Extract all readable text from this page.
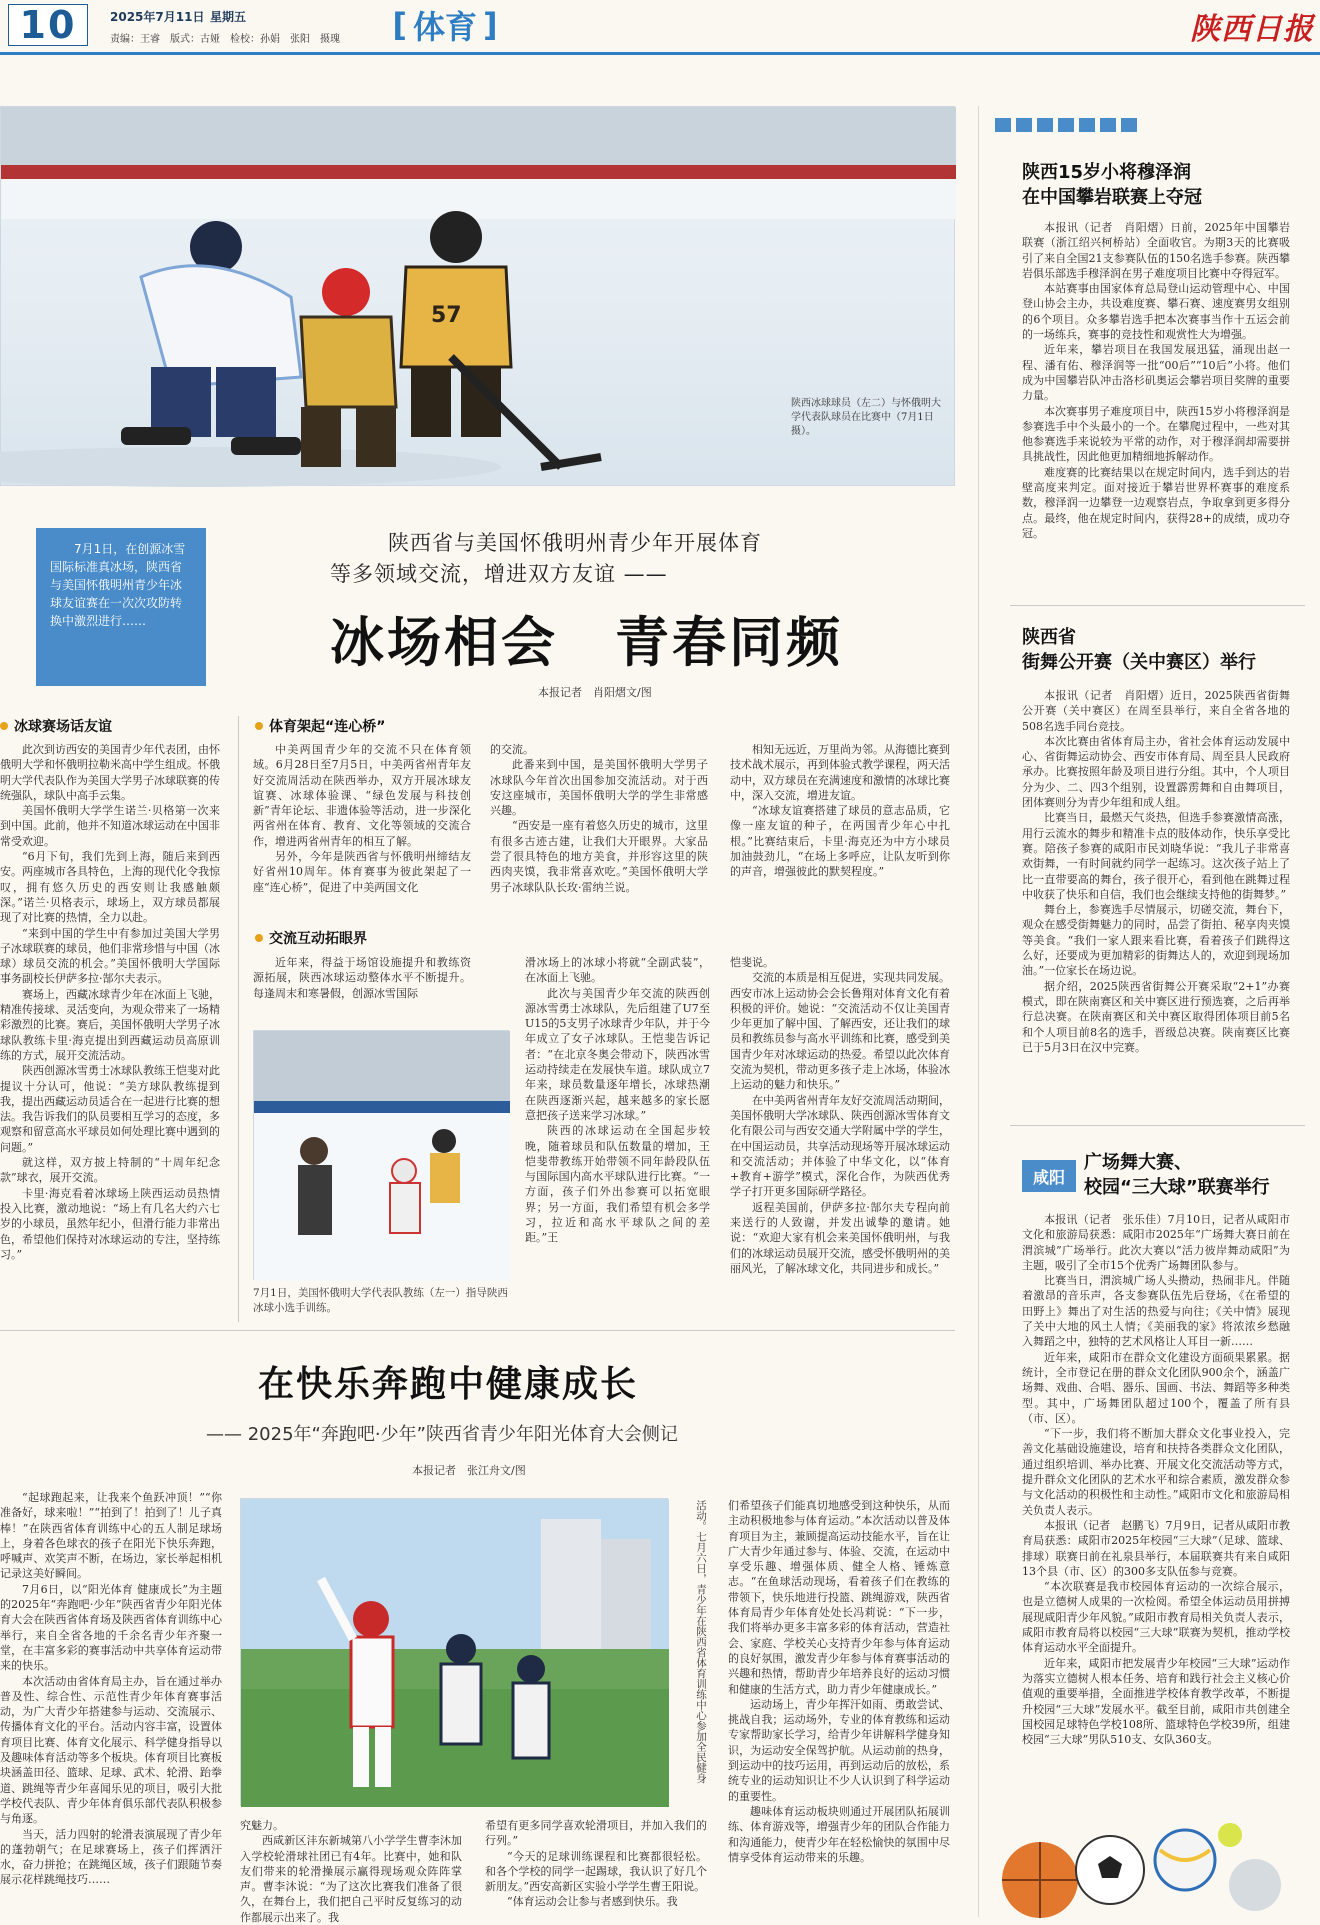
10	2025年7月11日 星期五
责编：王睿　版式：古娅　检校：孙娟　张阳　摄瑰 [ 体育 ]	陕西日报
57
陕西冰球球员（左二）与怀俄明大学代表队球员在比赛中（7月1日摄）。
7月1日，在创源冰雪国际标准真冰场，陕西省与美国怀俄明州青少年冰球友谊赛在一次次攻防转换中激烈进行……
陕西省与美国怀俄明州青少年开展体育
等多领域交流，增进双方友谊 ——
冰场相会　青春同频
本报记者　肖阳熠文/图
冰球赛场话友谊	体育架起“连心桥”
交流互动拓眼界

此次到访西安的美国青少年代表团，由怀俄明大学和怀俄明拉勒米高中学生组成。怀俄明大学代表队作为美国大学男子冰球联赛的传统强队，球队中高手云集。

美国怀俄明大学学生诺兰·贝格第一次来到中国。此前，他并不知道冰球运动在中国非常受欢迎。

“6月下旬，我们先到上海，随后来到西安。两座城市各具特色，上海的现代化令我惊叹，拥有悠久历史的西安则让我感触颇深。”诺兰·贝格表示，球场上，双方球员都展现了对比赛的热情，全力以赴。

“来到中国的学生中有参加过美国大学男子冰球联赛的球员，他们非常珍惜与中国（冰球）球员交流的机会。”美国怀俄明大学国际事务副校长伊萨多拉·郜尔夫表示。

赛场上，西藏冰球青少年在冰面上飞驰，精准传接球、灵活变向，为观众带来了一场精彩激烈的比赛。赛后，美国怀俄明大学男子冰球队教练卡里·海克提出到西藏运动员高原训练的方式，展开交流活动。

陕西创源冰雪勇士冰球队教练王恺斐对此提议十分认可，他说：“美方球队教练提到我，提出西藏运动员适合在一起进行比赛的想法。我告诉我们的队员要相互学习的态度，多观察和留意高水平球员如何处理比赛中遇到的问题。”

就这样，双方披上特制的“十周年纪念款”球衣，展开交流。

卡里·海克看着冰球场上陕西运动员热情投入比赛，激动地说：“场上有几名大约六七岁的小球员，虽然年纪小，但滑行能力非常出色，希望他们保持对冰球运动的专注，坚持练习。”

中美两国青少年的交流不只在体育领域。6月28日至7月5日，中美两省州青年友好交流周活动在陕西举办，双方开展冰球友谊赛、冰球体验课、“绿色发展与科技创新”青年论坛、非遗体验等活动，进一步深化两省州在体育、教育、文化等领域的交流合作，增进两省州青年的相互了解。

另外，今年是陕西省与怀俄明州缔结友好省州10周年。体育赛事为彼此架起了一座“连心桥”，促进了中美两国文化

的交流。

此番来到中国，是美国怀俄明大学男子冰球队今年首次出国参加交流活动。对于西安这座城市，美国怀俄明大学的学生非常感兴趣。

“西安是一座有着悠久历史的城市，这里有很多古迹古建，让我们大开眼界。大家品尝了很具特色的地方美食，并形容这里的陕西肉夹馍，我非常喜欢吃。”美国怀俄明大学男子冰球队队长玫·雷纳兰说。

相知无远近，万里尚为邻。从海德比赛到技术战术展示，再到体验式教学课程，两天活动中，双方球员在充满速度和激情的冰球比赛中，深入交流，增进友谊。

“冰球友谊赛搭建了球员的意志品质，它像一座友谊的种子，在两国青少年心中扎根。”比赛结束后，卡里·海克还为中方小球员加油鼓劲儿，“在场上多呼应，让队友听到你的声音，增强彼此的默契程度。”

近年来，得益于场馆设施提升和教练资源拓展，陕西冰球运动整体水平不断提升。每逢周末和寒暑假，创源冰雪国际

滑冰场上的冰球小将就“全副武装”，在冰面上飞驰。

此次与美国青少年交流的陕西创源冰雪勇士冰球队，先后组建了U7至U15的5支男子冰球青少年队，并于今年成立了女子冰球队。王恺斐告诉记者：“在北京冬奥会带动下，陕西冰雪运动持续走在发展快车道。球队成立7年来，球员数量逐年增长，冰球热潮在陕西逐渐兴起，越来越多的家长愿意把孩子送来学习冰球。”

陕西的冰球运动在全国起步较晚，随着球员和队伍数量的增加，王恺斐带教练开始带领不同年龄段队伍与国际国内高水平球队进行比赛。“一方面，孩子们外出参赛可以拓宽眼界；另一方面，我们希望有机会多学习，拉近和高水平球队之间的差距。”王

恺斐说。

交流的本质是相互促进，实现共同发展。西安市冰上运动协会会长鲁翔对体育文化有着积极的评价。她说：“交流活动不仅让美国青少年更加了解中国、了解西安，还让我们的球员和教练员参与高水平训练和比赛，感受到美国青少年对冰球运动的热爱。希望以此次体育交流为契机，带动更多孩子走上冰场，体验冰上运动的魅力和快乐。”

在中美两省州青年友好交流周活动期间，美国怀俄明大学冰球队、陕西创源冰雪体育文化有限公司与西安交通大学附属中学的学生，在中国运动员，共享活动现场等开展冰球运动和交流活动；并体验了中华文化，以“体育+教育+游学”模式，深化合作，为陕西优秀学子打开更多国际研学路径。

返程美国前，伊萨多拉·郜尔夫专程向前来送行的人致谢，并发出诚挚的邀请。她说：“欢迎大家有机会来美国怀俄明州，与我们的冰球运动员展开交流，感受怀俄明州的美丽风光，了解冰球文化，共同进步和成长。”

7月1日，美国怀俄明大学代表队教练（左一）指导陕西冰球小选手训练。
在快乐奔跑中健康成长
—— 2025年“奔跑吧·少年”陕西省青少年阳光体育大会侧记
本报记者　张江舟文/图

“起球跑起来，让我来个鱼跃冲顶！”“你准备好，球来啦！”“拍到了！拍到了！儿子真棒！”在陕西省体育训练中心的五人制足球场上，身着各色球衣的孩子在阳光下快乐奔跑，呼喊声、欢笑声不断，在场边，家长举起相机记录这美好瞬间。

7月6日，以“阳光体育 健康成长”为主题的2025年“奔跑吧·少年”陕西省青少年阳光体育大会在陕西省体育场及陕西省体育训练中心举行，来自全省各地的千余名青少年齐聚一堂，在丰富多彩的赛事活动中共享体育运动带来的快乐。

本次活动由省体育局主办，旨在通过举办普及性、综合性、示范性青少年体育赛事活动，为广大青少年搭建参与运动、交流展示、传播体育文化的平台。活动内容丰富，设置体育项目比赛、体育文化展示、科学健身指导以及趣味体育活动等多个板块。体育项目比赛板块涵盖田径、篮球、足球、武术、轮滑、跆拳道、跳绳等青少年喜闻乐见的项目，吸引大批学校代表队、青少年体育俱乐部代表队积极参与角逐。

当天，活力四射的轮滑表演展现了青少年的蓬勃朝气；在足球赛场上，孩子们挥洒汗水，奋力拼抢；在跳绳区域，孩子们跟随节奏展示花样跳绳技巧……

活动。七月六日，青少年在陕西省体育训练中心参加全民健身

究魅力。

西咸新区沣东新城第八小学学生曹李沐加入学校轮滑球社团已有4年。比赛中，她和队友们带来的轮滑操展示赢得现场观众阵阵掌声。曹李沐说：“为了这次比赛我们准备了很久，在舞台上，我们把自己平时反复练习的动作都展示出来了。我

希望有更多同学喜欢轮滑项目，并加入我们的行列。”

“今天的足球训练课程和比赛都很轻松。和各个学校的同学一起踢球，我认识了好几个新朋友。”西安高新区实验小学学生曹王阳说。

“体育运动会让参与者感到快乐。我

们希望孩子们能真切地感受到这种快乐，从而主动积极地参与体育运动。”本次活动以普及体育项目为主，兼顾提高运动技能水平，旨在让广大青少年通过参与、体验、交流，在运动中享受乐趣、增强体质、健全人格、锤炼意志。“在鱼球活动现场，看着孩子们在教练的带领下，快乐地进行投篮、跳绳游戏，陕西省体育局青少年体育处处长冯莉说：“下一步，我们将举办更多丰富多彩的体育活动，营造社会、家庭、学校关心支持青少年参与体育运动的良好氛围，激发青少年参与体育赛事活动的兴趣和热情，帮助青少年培养良好的运动习惯和健康的生活方式，助力青少年健康成长。”

运动场上，青少年挥汗如雨、勇敢尝试、挑战自我；运动场外，专业的体育教练和运动专家帮助家长学习，给青少年讲解科学健身知识，为运动安全保驾护航。从运动前的热身，到运动中的技巧运用，再到运动后的放松，系统专业的运动知识让不少人认识到了科学运动的重要性。

趣味体育运动板块则通过开展团队拓展训练、体育游戏等，增强青少年的团队合作能力和沟通能力，使青少年在轻松愉快的氛围中尽情享受体育运动带来的乐趣。

陕西15岁小将穆泽润
在中国攀岩联赛上夺冠

本报讯（记者　肖阳熠）日前，2025年中国攀岩联赛（浙江绍兴柯桥站）全面收官。为期3天的比赛吸引了来自全国21支参赛队伍的150名选手参赛。陕西攀岩俱乐部选手穆泽润在男子难度项目比赛中夺得冠军。

本站赛事由国家体育总局登山运动管理中心、中国登山协会主办，共设难度赛、攀石赛、速度赛男女组别的6个项目。众多攀岩选手把本次赛事当作十五运会前的一场练兵，赛事的竞技性和观赏性大为增强。

近年来，攀岩项目在我国发展迅猛，涌现出赵一程、潘有佑、穆泽润等一批“00后”“10后”小将。他们成为中国攀岩队冲击洛杉矶奥运会攀岩项目奖牌的重要力量。

本次赛事男子难度项目中，陕西15岁小将穆泽润是参赛选手中个头最小的一个。在攀爬过程中，一些对其他参赛选手来说较为平常的动作，对于穆泽润却需要拼具挑战性，因此他更加精细地拆解动作。

难度赛的比赛结果以在规定时间内，选手到达的岩壁高度来判定。面对接近于攀岩世界杯赛事的难度系数，穆泽润一边攀登一边观察岩点，争取拿到更多得分点。最终，他在规定时间内，获得28+的成绩，成功夺冠。

陕西省
街舞公开赛（关中赛区）举行

本报讯（记者　肖阳熠）近日，2025陕西省街舞公开赛（关中赛区）在周至县举行，来自全省各地的508名选手同台竞技。

本次比赛由省体育局主办，省社会体育运动发展中心、省街舞运动协会、西安市体育局、周至县人民政府承办。比赛按照年龄及项目进行分组。其中，个人项目分为少、二、四3个组别，设置霹雳舞和自由舞项目，团体赛则分为青少年组和成人组。

比赛当日，最燃天气炎热，但选手参赛激情高涨，用行云流水的舞步和精准卡点的肢体动作，快乐享受比赛。陪孩子参赛的咸阳市民刘晓华说：“我儿子非常喜欢街舞，一有时间就约同学一起练习。这次孩子站上了比一直带要高的舞台，孩子很开心，看到他在跳舞过程中收获了快乐和自信，我们也会继续支持他的街舞梦。”

舞台上，参赛选手尽情展示，切磋交流，舞台下，观众在感受街舞魅力的同时，品尝了街拍、秘享肉夹馍等美食。“我们一家人跟来看比赛，看着孩子们跳得这么好，还要成为更加精彩的街舞达人的，欢迎到现场加油。”一位家长在场边说。

据介绍，2025陕西省街舞公开赛采取“2+1”办赛模式，即在陕南赛区和关中赛区进行预选赛，之后再举行总决赛。在陕南赛区和关中赛区取得团体项目前5名和个人项目前8名的选手，晋级总决赛。陕南赛区比赛已于5月3日在汉中完赛。

咸阳
广场舞大赛、
校园“三大球”联赛举行

本报讯（记者　张乐佳）7月10日，记者从咸阳市文化和旅游局获悉：咸阳市2025年“广场舞大赛日前在渭滨城”广场举行。此次大赛以“活力彼岸舞动咸阳”为主题，吸引了全市15个优秀广场舞团队参与。

比赛当日，渭滨城广场人头攒动，热闹非凡。伴随着激昂的音乐声，各支参赛队伍先后登场，《在希望的田野上》舞出了对生活的热爱与向往；《关中情》展现了关中大地的风土人情；《美丽我的家》将浓浓乡愁融入舞蹈之中，独特的艺术风格让人耳目一新……

近年来，咸阳市在群众文化建设方面硕果累累。据统计，全市登记在册的群众文化团队900余个，涵盖广场舞、戏曲、合唱、器乐、国画、书法、舞蹈等多种类型。其中，广场舞团队超过100个，覆盖了所有县（市、区）。

“下一步，我们将不断加大群众文化事业投入，完善文化基础设施建设，培育和扶持各类群众文化团队，通过组织培训、举办比赛、开展文化交流活动等方式，提升群众文化团队的艺术水平和综合素质，激发群众参与文化活动的积极性和主动性。”咸阳市文化和旅游局相关负责人表示。

本报讯（记者　赵鹏飞）7月9日，记者从咸阳市教育局获悉：咸阳市2025年校园“三大球”（足球、篮球、排球）联赛日前在礼泉县举行，本届联赛共有来自咸阳13个县（市、区）的300多支队伍参与竞赛。

“本次联赛是我市校园体育运动的一次综合展示，也是立德树人成果的一次检阅。希望全体运动员用拼搏展现咸阳青少年风貌。”咸阳市教育局相关负责人表示，咸阳市教育局将以校园“三大球”联赛为契机，推动学校体育运动水平全面提升。

近年来，咸阳市把发展青少年校园“三大球”运动作为落实立德树人根本任务、培育和践行社会主义核心价值观的重要举措，全面推进学校体育教学改革，不断提升校园“三大球”发展水平。截至目前，咸阳市共创建全国校园足球特色学校108所、篮球特色学校39所，组建校园“三大球”男队510支、女队360支。
